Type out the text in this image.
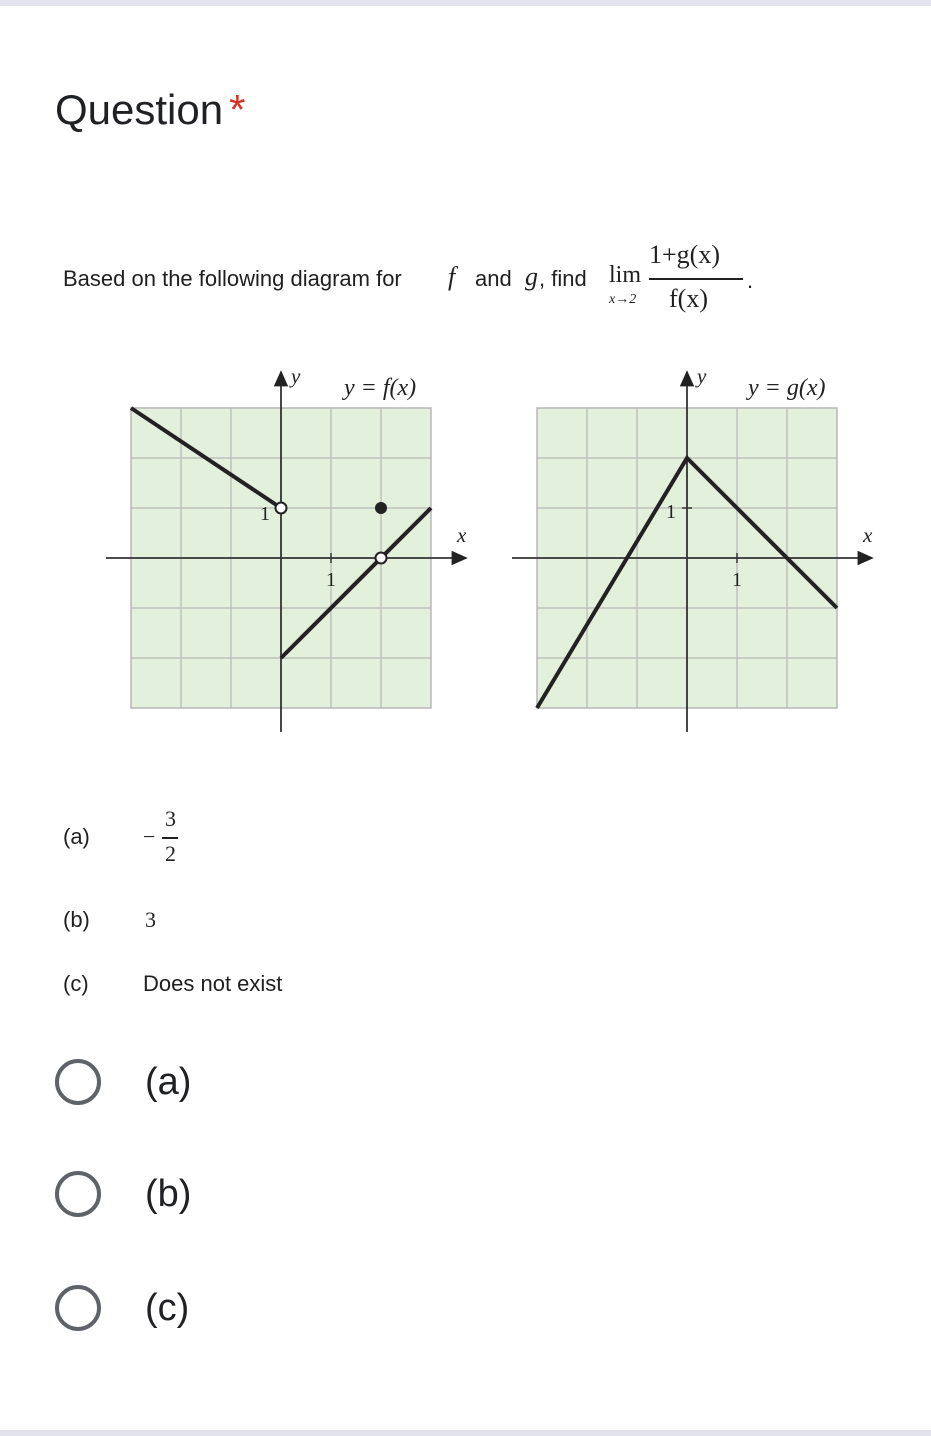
Question *
Based on the following diagram for f and g , find lim
x→2
1+g(x)
f(x)
.
y y = f(x)
x
1
1
y y = g(x)
x
1
1
(a) −
3
2
(b)	3
(c) Does not exist
(a)
(b)
(c)
